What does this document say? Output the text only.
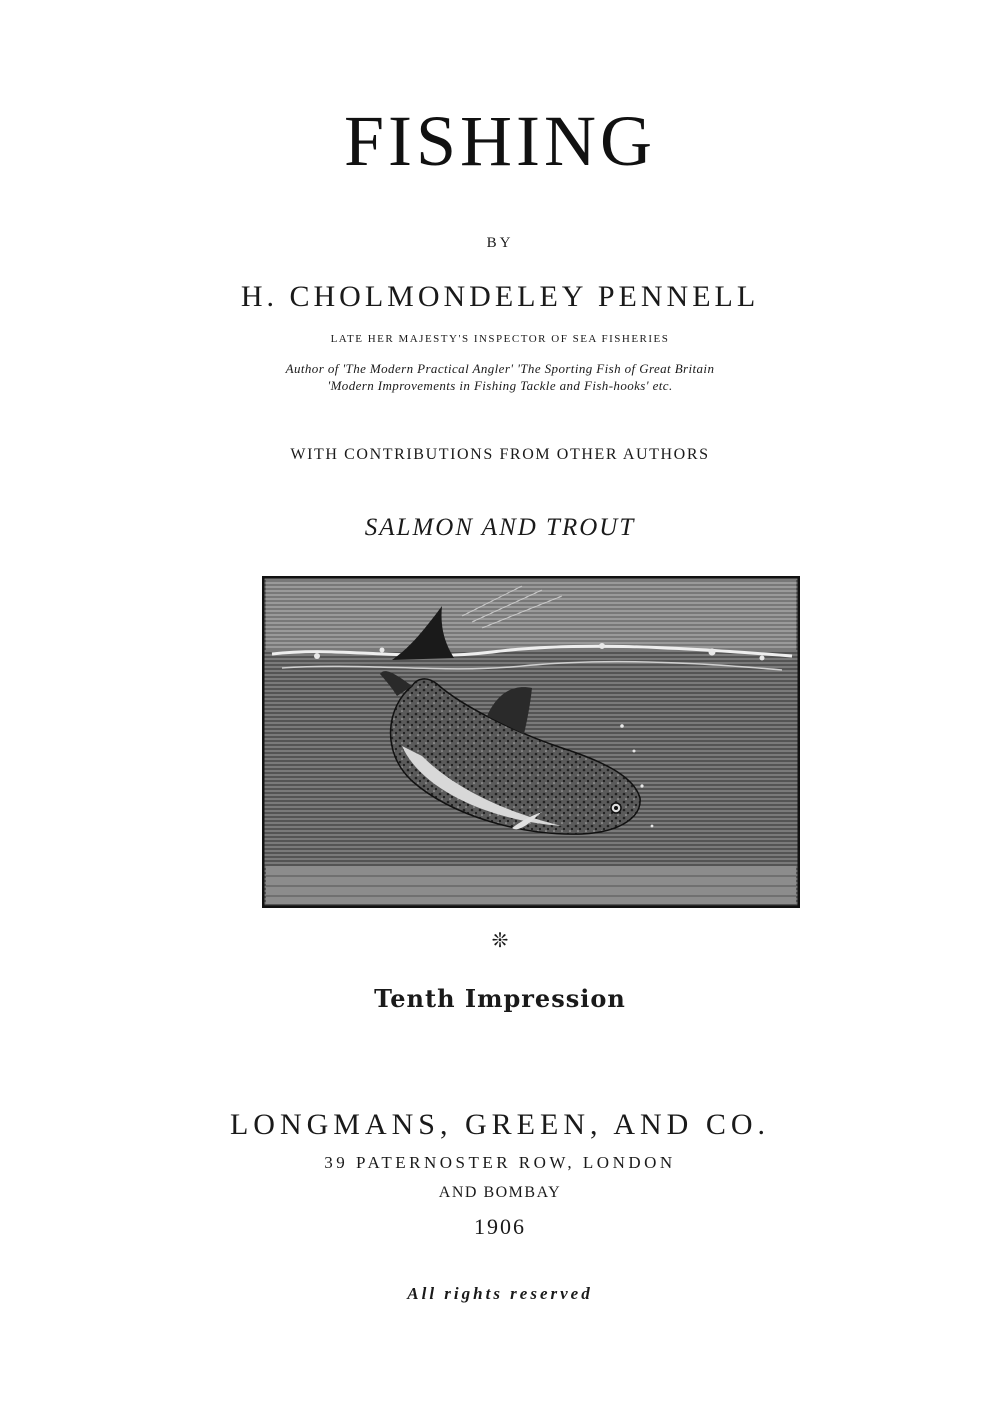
FISHING
BY
H. CHOLMONDELEY PENNELL
LATE HER MAJESTY'S INSPECTOR OF SEA FISHERIES
Author of 'The Modern Practical Angler' 'The Sporting Fish of Great Britain
'Modern Improvements in Fishing Tackle and Fish-hooks' etc.
WITH CONTRIBUTIONS FROM OTHER AUTHORS
SALMON AND TROUT
❊
Tenth Impression
LONGMANS, GREEN, AND CO.
39 PATERNOSTER ROW, LONDON
AND BOMBAY
1906
All rights reserved
